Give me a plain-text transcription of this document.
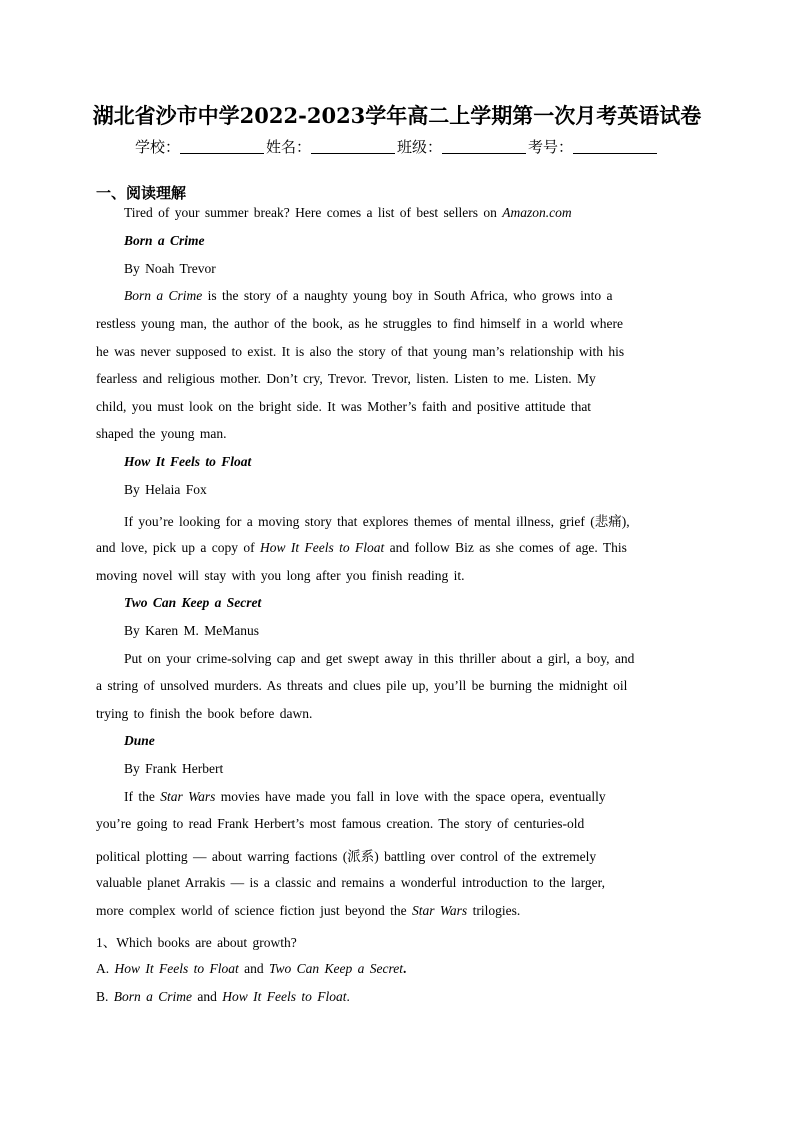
湖北省沙市中学2022-2023学年高二上学期第一次月考英语试卷
学校：	姓名：	班级：	考号：
一、阅读理解
Tired of your summer break? Here comes a list of best sellers on Amazon.com
Born a Crime
By Noah Trevor
Born a Crime is the story of a naughty young boy in South Africa, who grows into a
restless young man, the author of the book, as he struggles to find himself in a world where
he was never supposed to exist. It is also the story of that young man’s relationship with his
fearless and religious mother. Don’t cry, Trevor. Trevor, listen. Listen to me. Listen. My
child, you must look on the bright side. It was Mother’s faith and positive attitude that
shaped the young man.
How It Feels to Float
By Helaia Fox
If you’re looking for a moving story that explores themes of mental illness, grief (悲痛),
and love, pick up a copy of How It Feels to Float and follow Biz as she comes of age. This
moving novel will stay with you long after you finish reading it.
Two Can Keep a Secret
By Karen M. MeManus
Put on your crime-solving cap and get swept away in this thriller about a girl, a boy, and
a string of unsolved murders. As threats and clues pile up, you’ll be burning the midnight oil
trying to finish the book before dawn.
Dune
By Frank Herbert
If the Star Wars movies have made you fall in love with the space opera, eventually
you’re going to read Frank Herbert’s most famous creation. The story of centuries-old
political plotting — about warring factions (派系) battling over control of the extremely
valuable planet Arrakis — is a classic and remains a wonderful introduction to the larger,
more complex world of science fiction just beyond the Star Wars trilogies.
1、Which books are about growth?
A. How It Feels to Float and Two Can Keep a Secret.
B. Born a Crime and How It Feels to Float.
